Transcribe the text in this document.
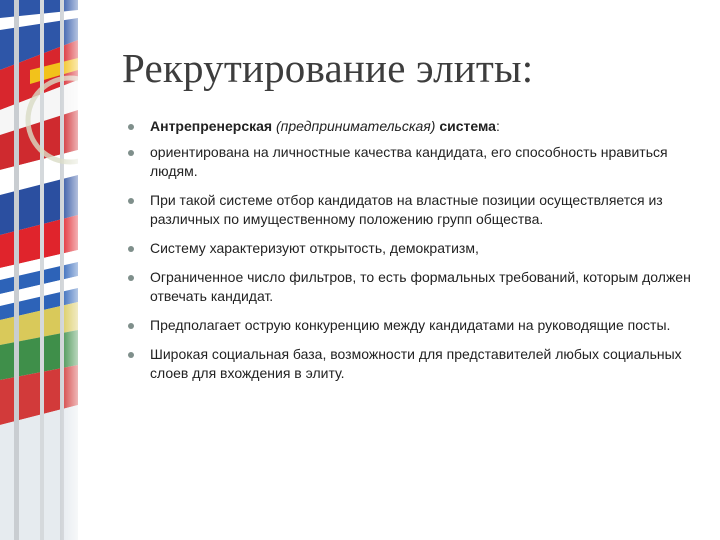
Рекрутирование элиты:
Антрепренерская (предпринимательская) система:
ориентирована на личностные качества кандидата, его способность нравиться людям.
При такой системе отбор кандидатов на властные позиции осуществляется из различных по имущественному положению групп общества.
Систему характеризуют открытость, демократизм,
Ограниченное число фильтров, то есть формальных требований, которым должен отвечать кандидат.
Предполагает острую конкуренцию между кандидатами на руководящие посты.
Широкая социальная база, возможности для представителей любых социальных слоев для вхождения в элиту.
